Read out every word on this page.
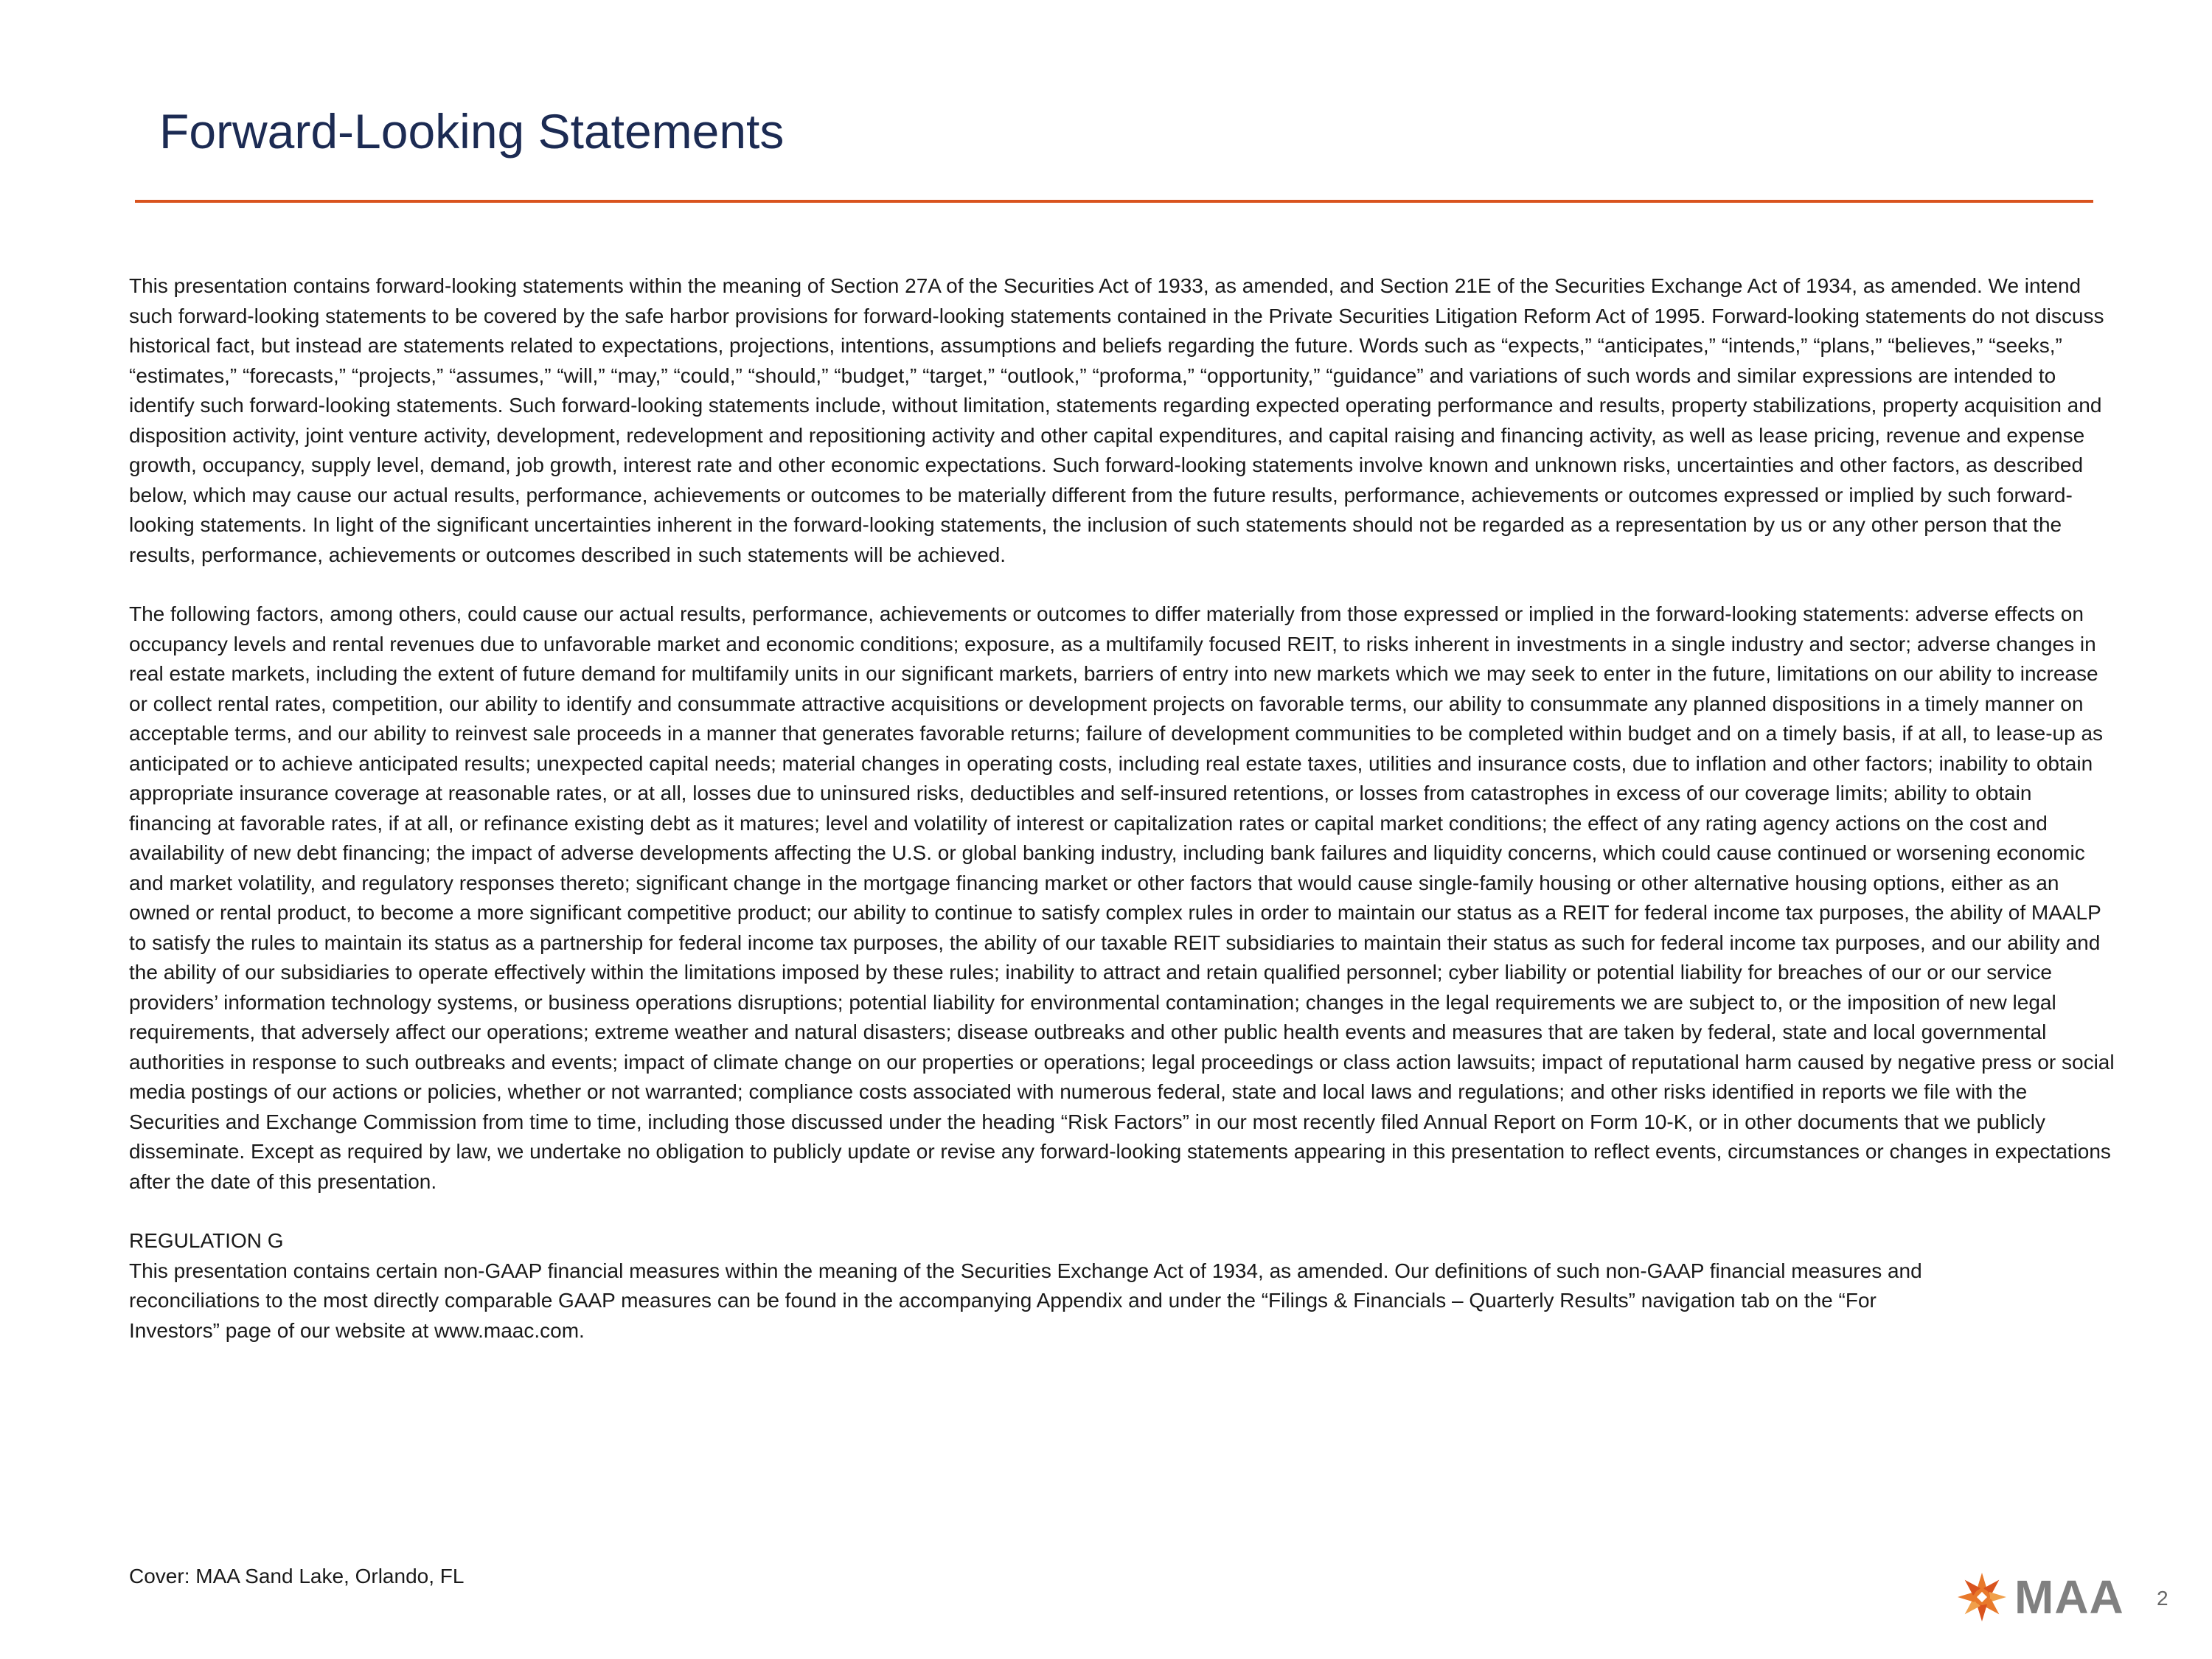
Forward-Looking Statements

This presentation contains forward-looking statements within the meaning of Section 27A of the Securities Act of 1933, as amended, and Section 21E of the Securities Exchange Act of 1934, as amended. We intend such forward-looking statements to be covered by the safe harbor provisions for forward-looking statements contained in the Private Securities Litigation Reform Act of 1995. Forward-looking statements do not discuss historical fact, but instead are statements related to expectations, projections, intentions, assumptions and beliefs regarding the future. Words such as “expects,” “anticipates,” “intends,” “plans,” “believes,” “seeks,” “estimates,” “forecasts,” “projects,” “assumes,” “will,” “may,” “could,” “should,” “budget,” “target,” “outlook,” “proforma,” “opportunity,” “guidance” and variations of such words and similar expressions are intended to identify such forward-looking statements. Such forward-looking statements include, without limitation, statements regarding expected operating performance and results, property stabilizations, property acquisition and disposition activity, joint venture activity, development, redevelopment and repositioning activity and other capital expenditures, and capital raising and financing activity, as well as lease pricing, revenue and expense growth, occupancy, supply level, demand, job growth, interest rate and other economic expectations. Such forward-looking statements involve known and unknown risks, uncertainties and other factors, as described below, which may cause our actual results, performance, achievements or outcomes to be materially different from the future results, performance, achievements or outcomes expressed or implied by such forward-looking statements. In light of the significant uncertainties inherent in the forward-looking statements, the inclusion of such statements should not be regarded as a representation by us or any other person that the results, performance, achievements or outcomes described in such statements will be achieved.

The following factors, among others, could cause our actual results, performance, achievements or outcomes to differ materially from those expressed or implied in the forward-looking statements: adverse effects on occupancy levels and rental revenues due to unfavorable market and economic conditions; exposure, as a multifamily focused REIT, to risks inherent in investments in a single industry and sector; adverse changes in real estate markets, including the extent of future demand for multifamily units in our significant markets, barriers of entry into new markets which we may seek to enter in the future, limitations on our ability to increase or collect rental rates, competition, our ability to identify and consummate attractive acquisitions or development projects on favorable terms, our ability to consummate any planned dispositions in a timely manner on acceptable terms, and our ability to reinvest sale proceeds in a manner that generates favorable returns; failure of development communities to be completed within budget and on a timely basis, if at all, to lease-up as anticipated or to achieve anticipated results; unexpected capital needs; material changes in operating costs, including real estate taxes, utilities and insurance costs, due to inflation and other factors; inability to obtain appropriate insurance coverage at reasonable rates, or at all, losses due to uninsured risks, deductibles and self-insured retentions, or losses from catastrophes in excess of our coverage limits; ability to obtain financing at favorable rates, if at all, or refinance existing debt as it matures; level and volatility of interest or capitalization rates or capital market conditions; the effect of any rating agency actions on the cost and availability of new debt financing; the impact of adverse developments affecting the U.S. or global banking industry, including bank failures and liquidity concerns, which could cause continued or worsening economic and market volatility, and regulatory responses thereto; significant change in the mortgage financing market or other factors that would cause single-family housing or other alternative housing options, either as an owned or rental product, to become a more significant competitive product; our ability to continue to satisfy complex rules in order to maintain our status as a REIT for federal income tax purposes, the ability of MAALP to satisfy the rules to maintain its status as a partnership for federal income tax purposes, the ability of our taxable REIT subsidiaries to maintain their status as such for federal income tax purposes, and our ability and the ability of our subsidiaries to operate effectively within the limitations imposed by these rules; inability to attract and retain qualified personnel; cyber liability or potential liability for breaches of our or our service providers’ information technology systems, or business operations disruptions; potential liability for environmental contamination; changes in the legal requirements we are subject to, or the imposition of new legal requirements, that adversely affect our operations; extreme weather and natural disasters; disease outbreaks and other public health events and measures that are taken by federal, state and local governmental authorities in response to such outbreaks and events; impact of climate change on our properties or operations; legal proceedings or class action lawsuits; impact of reputational harm caused by negative press or social media postings of our actions or policies, whether or not warranted; compliance costs associated with numerous federal, state and local laws and regulations; and other risks identified in reports we file with the Securities and Exchange Commission from time to time, including those discussed under the heading “Risk Factors” in our most recently filed Annual Report on Form 10-K, or in other documents that we publicly disseminate. Except as required by law, we undertake no obligation to publicly update or revise any forward-looking statements appearing in this presentation to reflect events, circumstances or changes in expectations after the date of this presentation.

REGULATION G

This presentation contains certain non-GAAP financial measures within the meaning of the Securities Exchange Act of 1934, as amended. Our definitions of such non-GAAP financial measures and reconciliations to the most directly comparable GAAP measures can be found in the accompanying Appendix and under the “Filings & Financials – Quarterly Results” navigation tab on the “For Investors” page of our website at www.maac.com.

Cover: MAA Sand Lake, Orlando, FL	MAA 2
